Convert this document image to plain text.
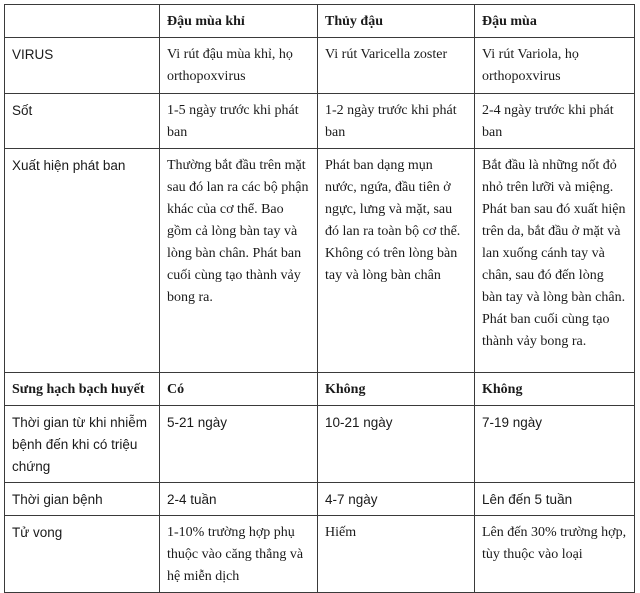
	Đậu mùa khỉ	Thủy đậu	Đậu mùa
VIRUS	Vi rút đậu mùa khỉ, họ orthopoxvirus	Vi rút Varicella zoster	Vi rút Variola, họ orthopoxvirus
Sốt	1-5 ngày trước khi phát ban	1-2 ngày trước khi phát ban	2-4 ngày trước khi phát ban
Xuất hiện phát ban	Thường bắt đầu trên mặt sau đó lan ra các bộ phận khác của cơ thể. Bao gồm cả lòng bàn tay và lòng bàn chân. Phát ban cuối cùng tạo thành vảy bong ra.	Phát ban dạng mụn nước, ngứa, đầu tiên ở ngực, lưng và mặt, sau đó lan ra toàn bộ cơ thể. Không có trên lòng bàn tay và lòng bàn chân	Bắt đầu là những nốt đỏ nhỏ trên lưỡi và miệng. Phát ban sau đó xuất hiện trên da, bắt đầu ở mặt và lan xuống cánh tay và chân, sau đó đến lòng bàn tay và lòng bàn chân. Phát ban cuối cùng tạo thành vảy bong ra.
Sưng hạch bạch huyết	Có	Không	Không
Thời gian từ khi nhiễm bệnh đến khi có triệu chứng	5-21 ngày	10-21 ngày	7-19 ngày
Thời gian bệnh	2-4 tuần	4-7 ngày	Lên đến 5 tuần
Tử vong	1-10% trường hợp phụ thuộc vào căng thẳng và hệ miễn dịch	Hiếm	Lên đến 30% trường hợp, tùy thuộc vào loại
